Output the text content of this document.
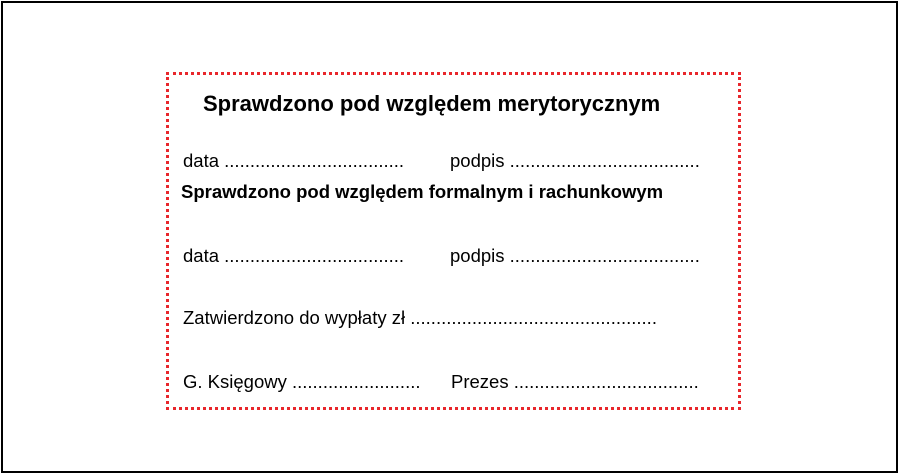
Sprawdzono pod względem merytorycznym
data ................................... podpis .....................................
Sprawdzono pod względem formalnym i rachunkowym
data ................................... podpis .....................................
Zatwierdzono do wypłaty zł ................................................
G. Księgowy ......................... Prezes ....................................
